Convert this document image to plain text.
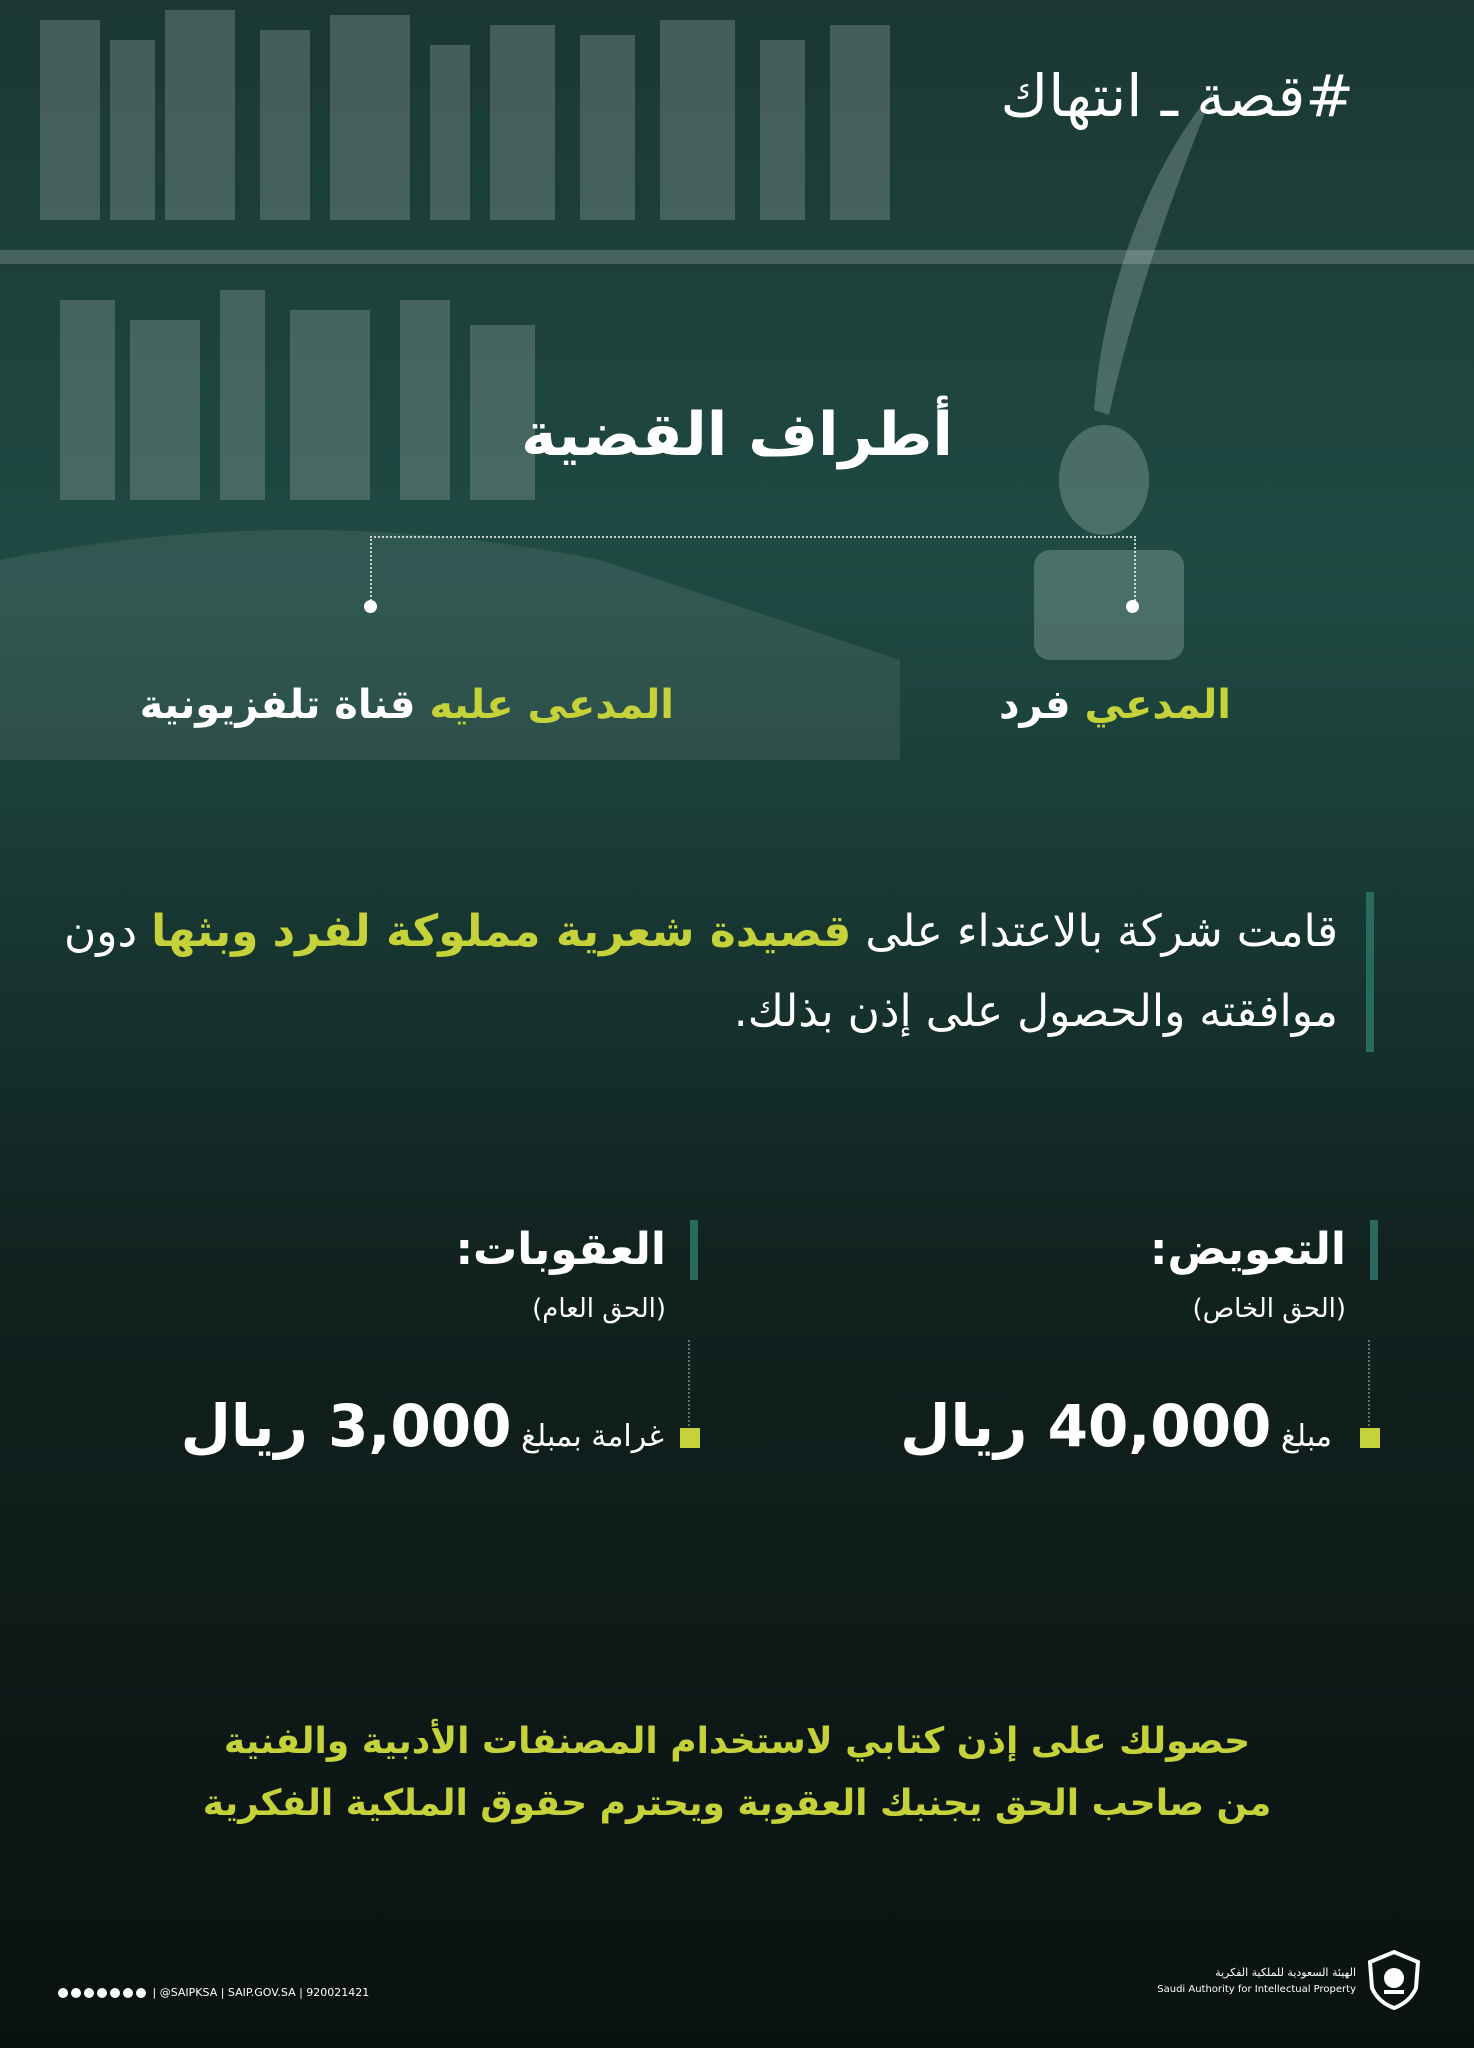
#قصة ـ انتهاك
أطراف القضية
المدعي فرد
المدعى عليه قناة تلفزيونية
قامت شركة بالاعتداء على قصيدة شعرية مملوكة لفرد وبثها دون موافقته والحصول على إذن بذلك.
التعويض:
(الحق الخاص)
مبلغ 40,000 ريال
العقوبات:
(الحق العام)
غرامة بمبلغ 3,000 ريال
حصولك على إذن كتابي لاستخدام المصنفات الأدبية والفنية
من صاحب الحق يجنبك العقوبة ويحترم حقوق الملكية الفكرية
| @SAIPKSA | SAIP.GOV.SA | 920021421
الهيئة السعودية للملكية الفكرية
Saudi Authority for Intellectual Property
